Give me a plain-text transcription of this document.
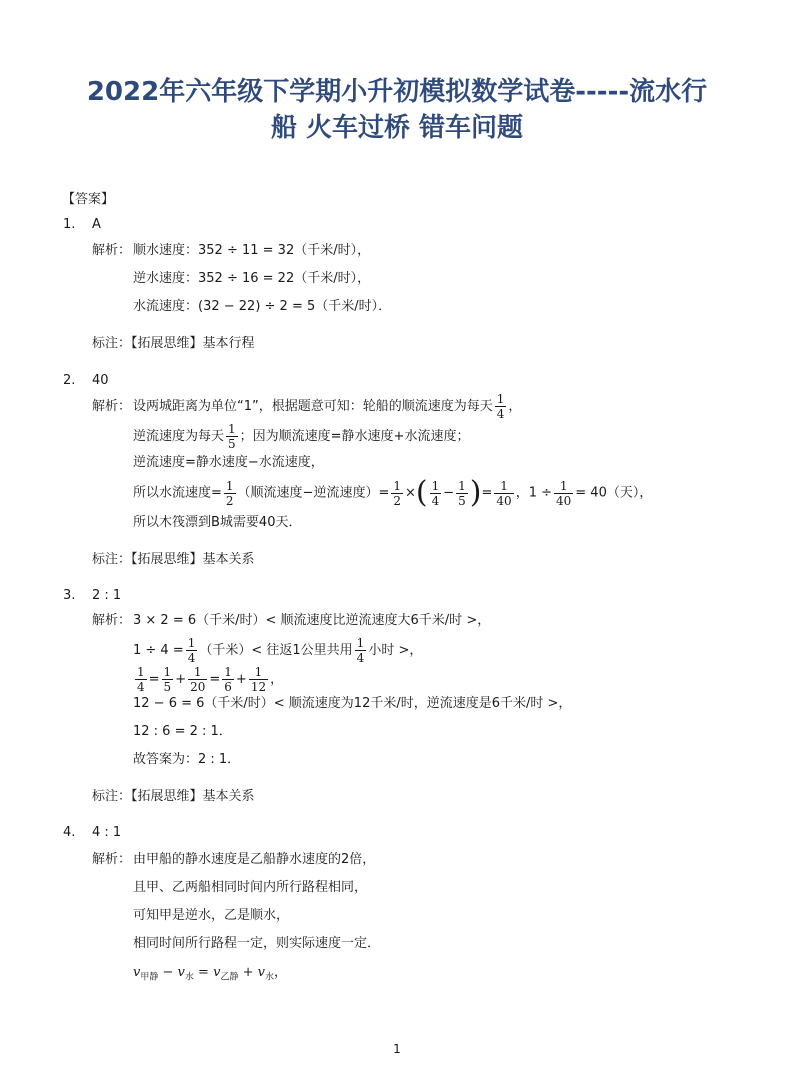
2022年六年级下学期小升初模拟数学试卷-----流水行
船 火车过桥 错车问题
【答案】
1. A
解析： 顺水速度：352 ÷ 11 = 32（千米/时），
逆水速度：352 ÷ 16 = 22（千米/时），
水流速度：(32 − 22) ÷ 2 = 5（千米/时）．
标注：【拓展思维】基本行程
2. 40
解析： 设两城距离为单位“1”，根据题意可知：轮船的顺流速度为每天 $\frac{1}{4}$ ，
逆流速度为每天 $\frac{1}{5}$ ；因为顺流速度=静水速度+水流速度；
逆流速度=静水速度−水流速度，
所以水流速度= $\frac{1}{2}$ （顺流速度−逆流速度）= $\frac{1}{2}$ ×( $\frac{1}{4} - \frac{1}{5}$ )= $\frac{1}{40}$ ，$1 \div \frac{1}{40} = 40$（天），
所以木筏漂到B城需要40天．
标注：【拓展思维】基本关系
3. 2 : 1
解析： 3 × 2 = 6（千米/时）< 顺流速度比逆流速度大6千米/时 >，
$1 \div 4 = \frac{1}{4}$ （千米）< 往返1公里共用 $\frac{1}{4}$ 小时 >，
$\frac{1}{4} = \frac{1}{5} + \frac{1}{20} = \frac{1}{6} + \frac{1}{12}$ ，
12 − 6 = 6（千米/时）< 顺流速度为12千米/时，逆流速度是6千米/时 >，
12 : 6 = 2 : 1．
故答案为：2 : 1．
标注：【拓展思维】基本关系
4. 4 : 1
解析： 由甲船的静水速度是乙船静水速度的2倍，
且甲、乙两船相同时间内所行路程相同，
可知甲是逆水，乙是顺水，
相同时间所行路程一定，则实际速度一定．
$v_{甲静} - v_水 = v_{乙静} + v_水$，
1
